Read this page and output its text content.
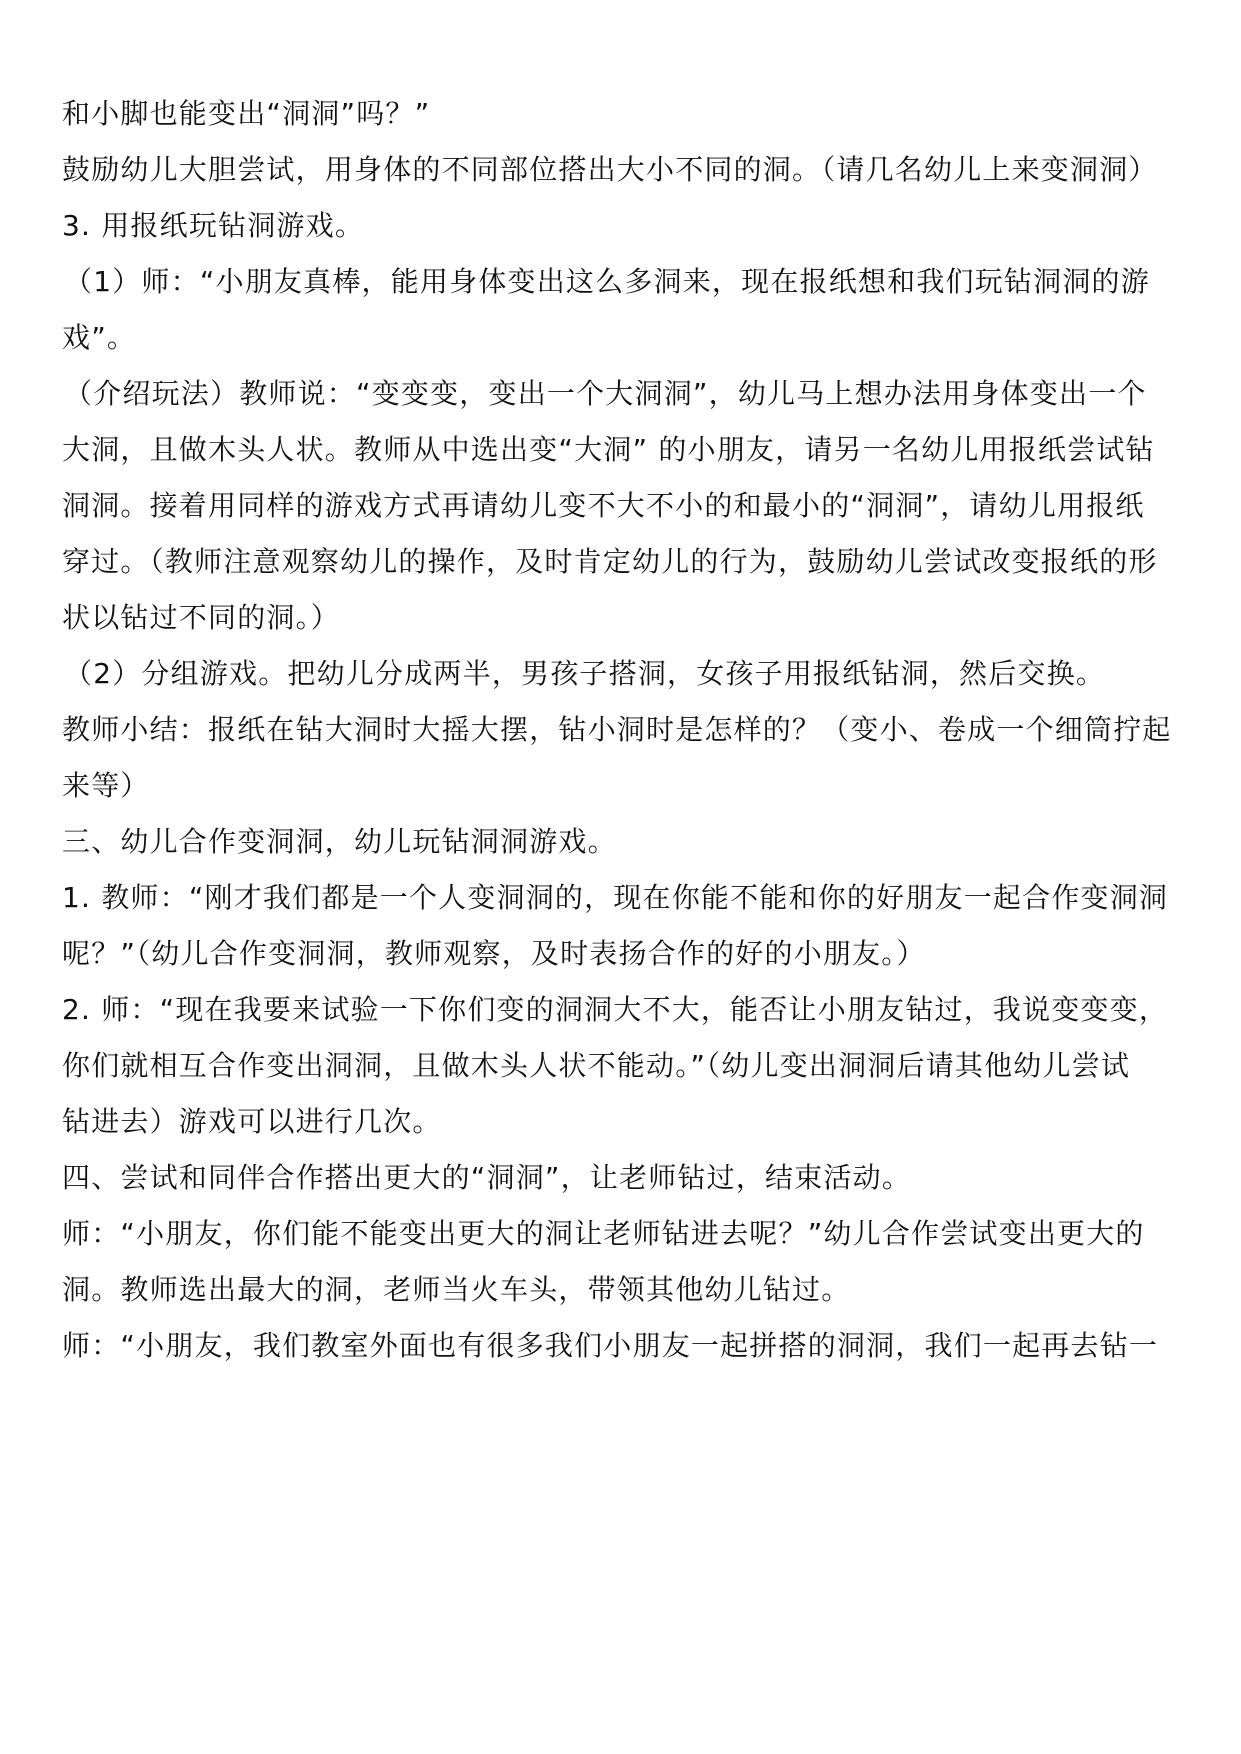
和小脚也能变出“洞洞”吗？”
鼓励幼儿大胆尝试，用身体的不同部位搭出大小不同的洞。（请几名幼儿上来变洞洞）
3. 用报纸玩钻洞游戏。
（1）师：“小朋友真棒，能用身体变出这么多洞来，现在报纸想和我们玩钻洞洞的游
戏”。
（介绍玩法）教师说：“变变变，变出一个大洞洞”，幼儿马上想办法用身体变出一个
大洞，且做木头人状。教师从中选出变“大洞” 的小朋友，请另一名幼儿用报纸尝试钻
洞洞。接着用同样的游戏方式再请幼儿变不大不小的和最小的“洞洞”，请幼儿用报纸
穿过。（教师注意观察幼儿的操作，及时肯定幼儿的行为，鼓励幼儿尝试改变报纸的形
状以钻过不同的洞。）
（2）分组游戏。把幼儿分成两半，男孩子搭洞，女孩子用报纸钻洞，然后交换。
教师小结：报纸在钻大洞时大摇大摆，钻小洞时是怎样的？（变小、卷成一个细筒拧起
来等）
三、幼儿合作变洞洞，幼儿玩钻洞洞游戏。
1. 教师：“刚才我们都是一个人变洞洞的，现在你能不能和你的好朋友一起合作变洞洞
呢？”（幼儿合作变洞洞，教师观察，及时表扬合作的好的小朋友。）
2. 师：“现在我要来试验一下你们变的洞洞大不大，能否让小朋友钻过，我说变变变，
你们就相互合作变出洞洞，且做木头人状不能动。”（幼儿变出洞洞后请其他幼儿尝试
钻进去）游戏可以进行几次。
四、尝试和同伴合作搭出更大的“洞洞”，让老师钻过，结束活动。
师：“小朋友，你们能不能变出更大的洞让老师钻进去呢？”幼儿合作尝试变出更大的
洞。教师选出最大的洞，老师当火车头，带领其他幼儿钻过。
师：“小朋友，我们教室外面也有很多我们小朋友一起拼搭的洞洞，我们一起再去钻一
